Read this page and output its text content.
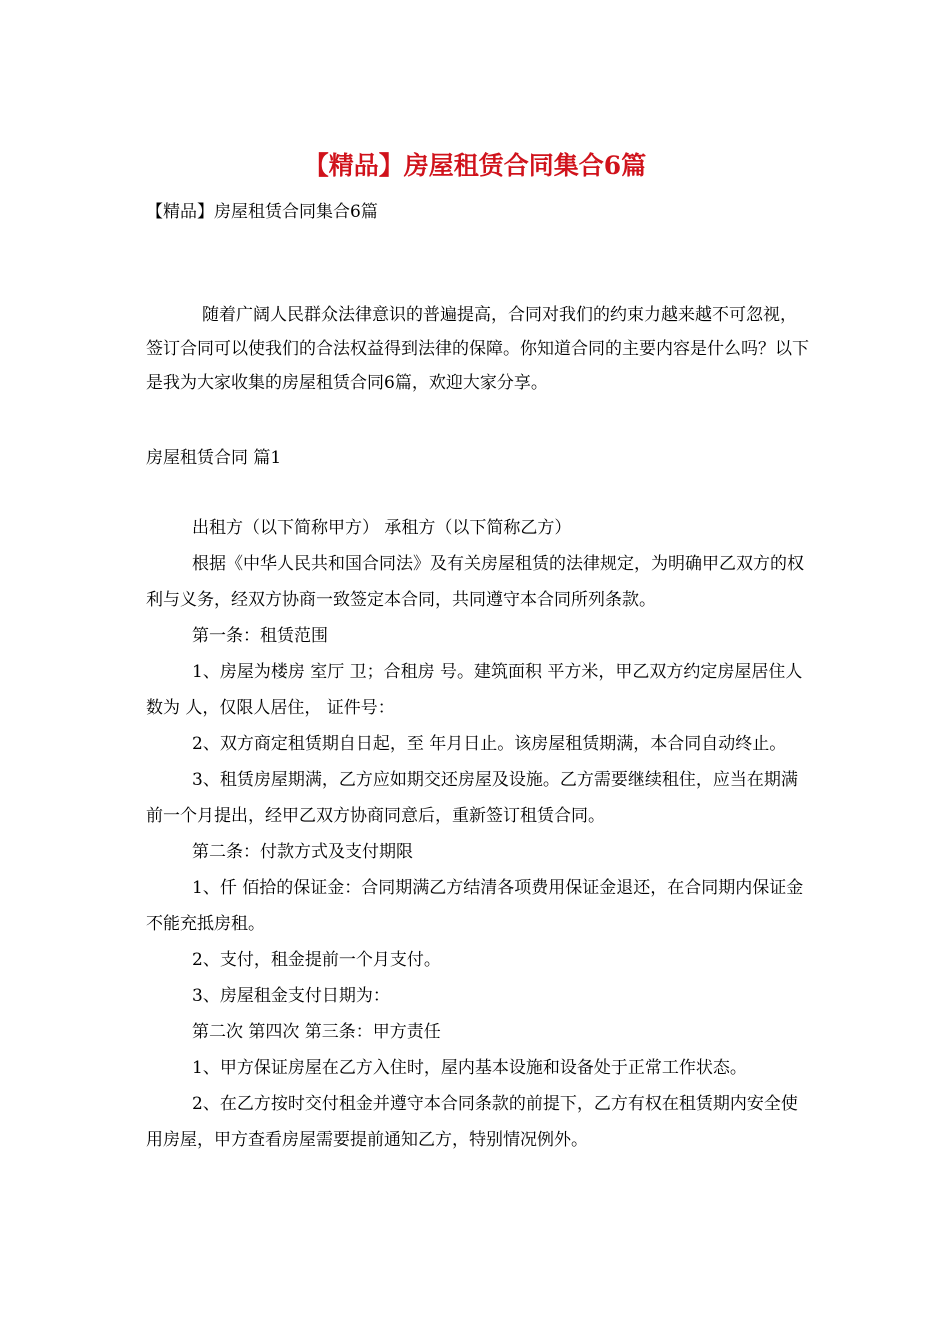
【精品】房屋租赁合同集合6篇

【精品】房屋租赁合同集合6篇

随着广阔人民群众法律意识的普遍提高，合同对我们的约束力越来越不可忽视，签订合同可以使我们的合法权益得到法律的保障。你知道合同的主要内容是什么吗？以下是我为大家收集的房屋租赁合同6篇，欢迎大家分享。

房屋租赁合同 篇1

出租方（以下简称甲方） 承租方（以下简称乙方）

根据《中华人民共和国合同法》及有关房屋租赁的法律规定，为明确甲乙双方的权利与义务，经双方协商一致签定本合同，共同遵守本合同所列条款。

第一条：租赁范围

1、房屋为楼房 室厅 卫；合租房 号。建筑面积 平方米，甲乙双方约定房屋居住人数为 人，仅限人居住， 证件号：

2、双方商定租赁期自日起，至 年月日止。该房屋租赁期满，本合同自动终止。

3、租赁房屋期满，乙方应如期交还房屋及设施。乙方需要继续租住，应当在期满前一个月提出，经甲乙双方协商同意后，重新签订租赁合同。

第二条：付款方式及支付期限

1、仟 佰拾的保证金：合同期满乙方结清各项费用保证金退还，在合同期内保证金不能充抵房租。

2、支付，租金提前一个月支付。

3、房屋租金支付日期为：

第二次 第四次 第三条：甲方责任

1、甲方保证房屋在乙方入住时，屋内基本设施和设备处于正常工作状态。

2、在乙方按时交付租金并遵守本合同条款的前提下，乙方有权在租赁期内安全使用房屋，甲方查看房屋需要提前通知乙方，特别情况例外。
